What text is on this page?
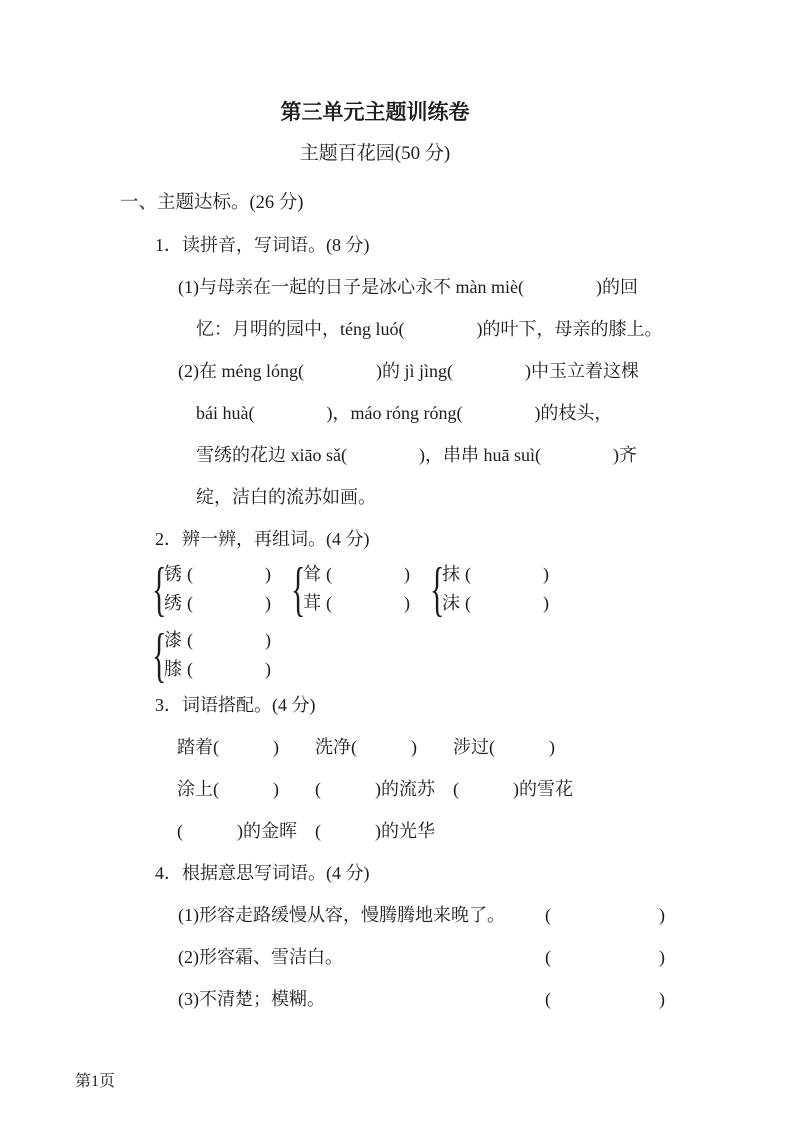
第三单元主题训练卷
主题百花园(50 分)
一、主题达标。(26 分)
1．读拼音，写词语。(8 分)
(1)与母亲在一起的日子是冰心永不 màn miè(　　　　)的回
忆：月明的园中，téng luó(　　　　)的叶下，母亲的膝上。
(2)在 méng lóng(　　　　)的 jì jìng(　　　　)中玉立着这棵
bái huà(　　　　)，máo róng róng(　　　　)的枝头，
雪绣的花边 xiāo sǎ(　　　　)，串串 huā suì(　　　　)齐
绽，洁白的流苏如画。
2．辨一辨，再组词。(4 分)
{
锈 (　　　　)
绣 (　　　　) {
耸 (　　　　)
茸 (　　　　) {
抹 (　　　　)
沫 (　　　　)
{
漆 (　　　　)
膝 (　　　　)
3．词语搭配。(4 分)
踏着(　　　)	洗净(　　　)	涉过(　　　)
涂上(　　　)	(　　　)的流苏	(　　　)的雪花
(　　　)的金晖	(　　　)的光华
4．根据意思写词语。(4 分)
(1)形容走路缓慢从容，慢腾腾地来晚了。 (　　　　　　)
(2)形容霜、雪洁白。	(　　　　　　)
(3)不清楚；模糊。	(　　　　　　)
第1页
